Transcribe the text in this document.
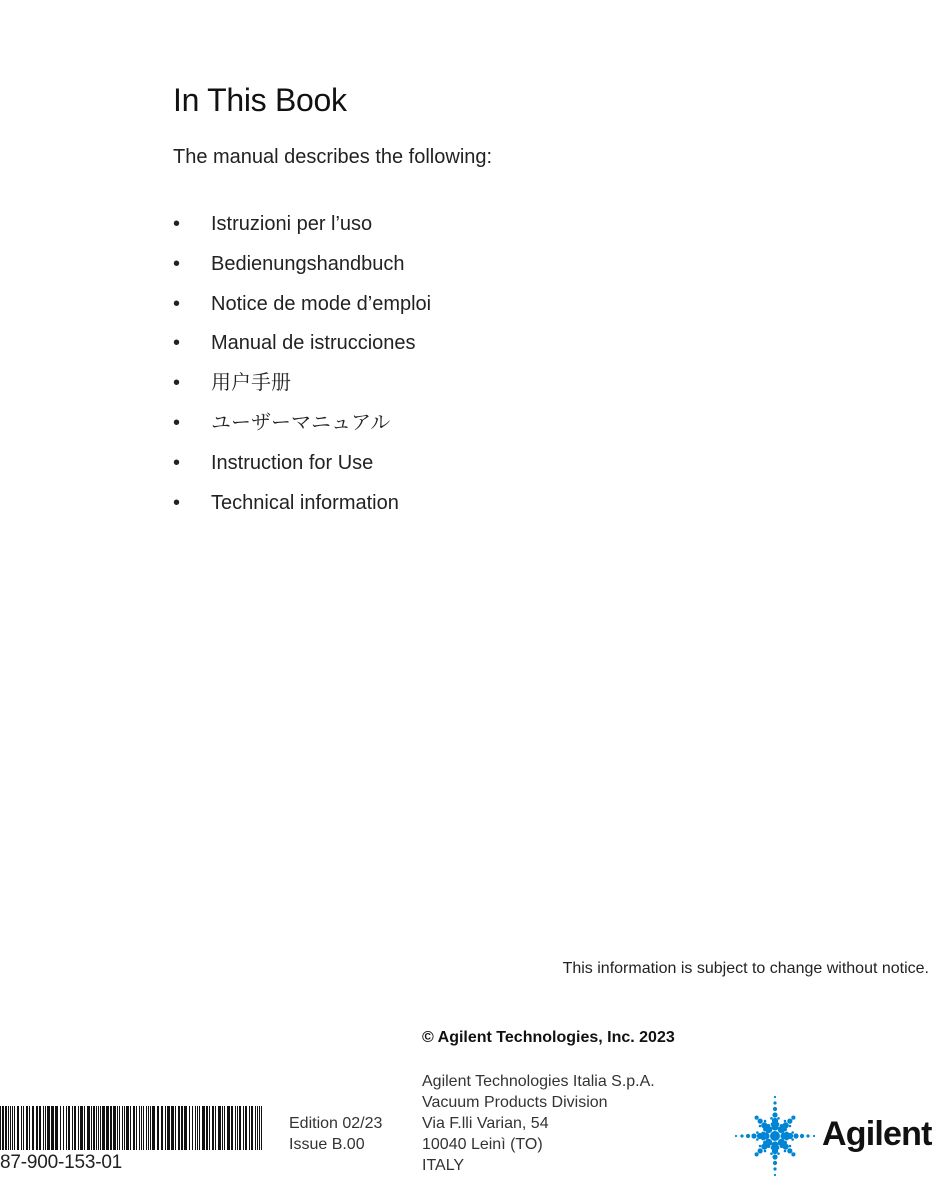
In This Book
The manual describes the following:
• Istruzioni per l’uso
• Bedienungshandbuch
• Notice de mode d’emploi
• Manual de istrucciones
• 用户手册
• ユーザーマニュアル
• Instruction for Use
• Technical information
This information is subject to change without notice.
© Agilent Technologies, Inc. 2023
Agilent Technologies Italia S.p.A.
Vacuum Products Division
Via F.lli Varian, 54
10040 Leinì (TO)
ITALY
Edition 02/23
Issue B.00
87-900-153-01
Agilent
